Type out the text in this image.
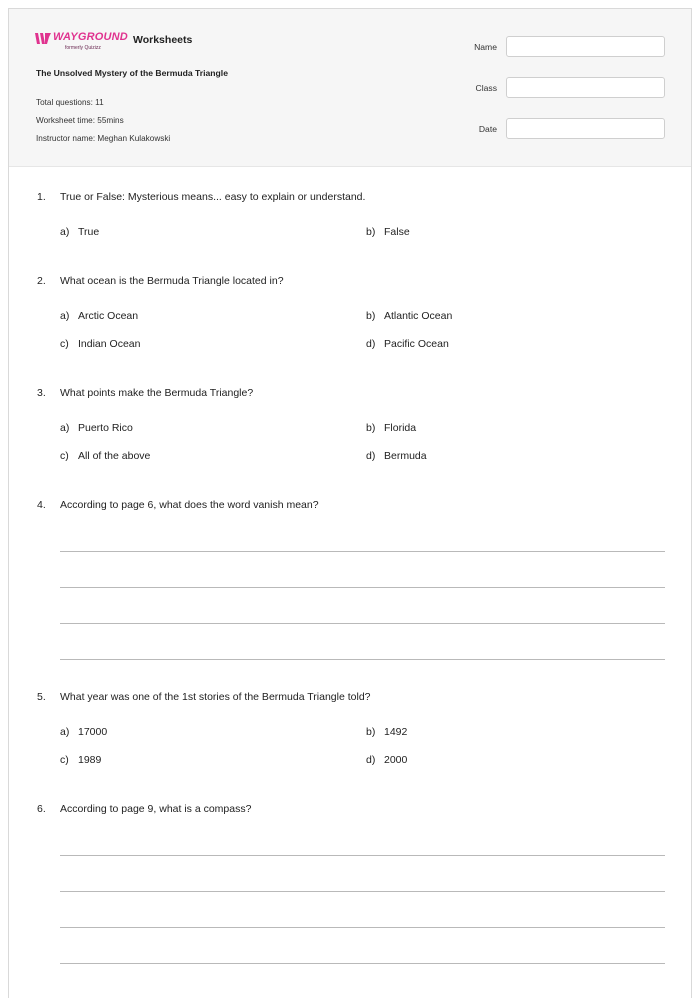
WAYGROUND
formerly Quizizz
Worksheets
The Unsolved Mystery of the Bermuda Triangle
Total questions: 11
Worksheet time: 55mins
Instructor name: Meghan Kulakowski
Name
Class
Date
1. True or False: Mysterious means... easy to explain or understand.
a) True	b) False
2. What ocean is the Bermuda Triangle located in?
a) Arctic Ocean	b) Atlantic Ocean
c) Indian Ocean	d) Pacific Ocean
3. What points make the Bermuda Triangle?
a) Puerto Rico	b) Florida
c) All of the above	d) Bermuda
4. According to page 6, what does the word vanish mean?
5. What year was one of the 1st stories of the Bermuda Triangle told?
a) 17000	b) 1492
c) 1989	d) 2000
6. According to page 9, what is a compass?
